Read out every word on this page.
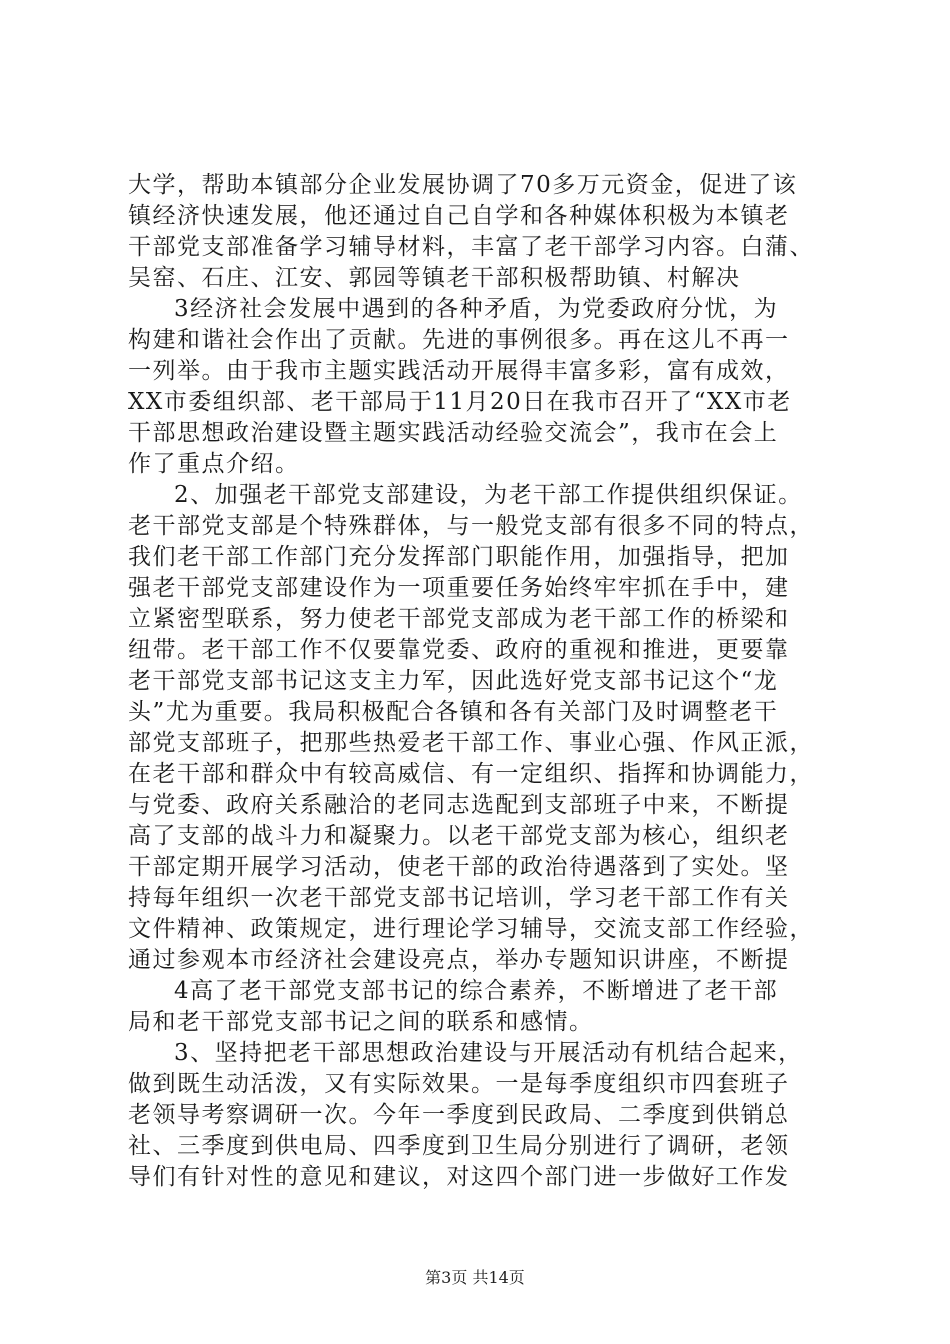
大学，帮助本镇部分企业发展协调了70多万元资金，促进了该
镇经济快速发展，他还通过自己自学和各种媒体积极为本镇老
干部党支部准备学习辅导材料，丰富了老干部学习内容。白蒲、
吴窑、石庄、江安、郭园等镇老干部积极帮助镇、村解决
3经济社会发展中遇到的各种矛盾，为党委政府分忧，为
构建和谐社会作出了贡献。先进的事例很多。再在这儿不再一
一列举。由于我市主题实践活动开展得丰富多彩，富有成效，
XX市委组织部、老干部局于11月20日在我市召开了“XX市老
干部思想政治建设暨主题实践活动经验交流会”，我市在会上
作了重点介绍。
2、加强老干部党支部建设，为老干部工作提供组织保证。
老干部党支部是个特殊群体，与一般党支部有很多不同的特点，
我们老干部工作部门充分发挥部门职能作用，加强指导，把加
强老干部党支部建设作为一项重要任务始终牢牢抓在手中，建
立紧密型联系，努力使老干部党支部成为老干部工作的桥梁和
纽带。老干部工作不仅要靠党委、政府的重视和推进，更要靠
老干部党支部书记这支主力军，因此选好党支部书记这个“龙
头”尤为重要。我局积极配合各镇和各有关部门及时调整老干
部党支部班子，把那些热爱老干部工作、事业心强、作风正派，
在老干部和群众中有较高威信、有一定组织、指挥和协调能力，
与党委、政府关系融洽的老同志选配到支部班子中来，不断提
高了支部的战斗力和凝聚力。以老干部党支部为核心，组织老
干部定期开展学习活动，使老干部的政治待遇落到了实处。坚
持每年组织一次老干部党支部书记培训，学习老干部工作有关
文件精神、政策规定，进行理论学习辅导，交流支部工作经验，
通过参观本市经济社会建设亮点，举办专题知识讲座，不断提
4高了老干部党支部书记的综合素养，不断增进了老干部
局和老干部党支部书记之间的联系和感情。
3、坚持把老干部思想政治建设与开展活动有机结合起来，
做到既生动活泼，又有实际效果。一是每季度组织市四套班子
老领导考察调研一次。今年一季度到民政局、二季度到供销总
社、三季度到供电局、四季度到卫生局分别进行了调研，老领
导们有针对性的意见和建议，对这四个部门进一步做好工作发
第3页 共14页
